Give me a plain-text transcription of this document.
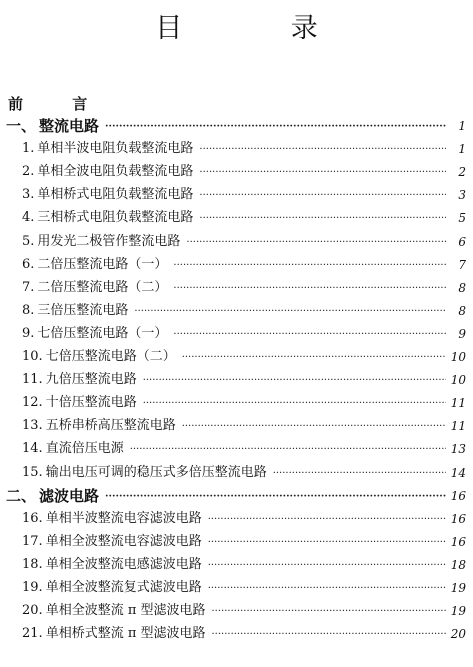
目 录
前 言
一、 整流电路 ·····	1
1. 单相半波电阻负载整流电路 ·····	1
2. 单相全波电阻负载整流电路 ·····	2
3. 单相桥式电阻负载整流电路 ·····	3
4. 三相桥式电阻负载整流电路 ·····	5
5. 用发光二极管作整流电路 ·····	6
6. 二倍压整流电路（一） ·····	7
7. 二倍压整流电路（二） ·····	8
8. 三倍压整流电路 ·····	8
9. 七倍压整流电路（一） ·····	9
10. 七倍压整流电路（二） ·····	10
11. 九倍压整流电路 ·····	10
12. 十倍压整流电路 ·····	11
13. 五桥串桥高压整流电路 ·····	11
14. 直流倍压电源 ·····	13
15. 输出电压可调的稳压式多倍压整流电路 ·····	14
二、 滤波电路 ·····	16
16. 单相半波整流电容滤波电路 ·····	16
17. 单相全波整流电容滤波电路 ·····	16
18. 单相全波整流电感滤波电路 ·····	18
19. 单相全波整流复式滤波电路 ·····	19
20. 单相全波整流 π 型滤波电路 ·····	19
21. 单相桥式整流 π 型滤波电路 ·····	20
